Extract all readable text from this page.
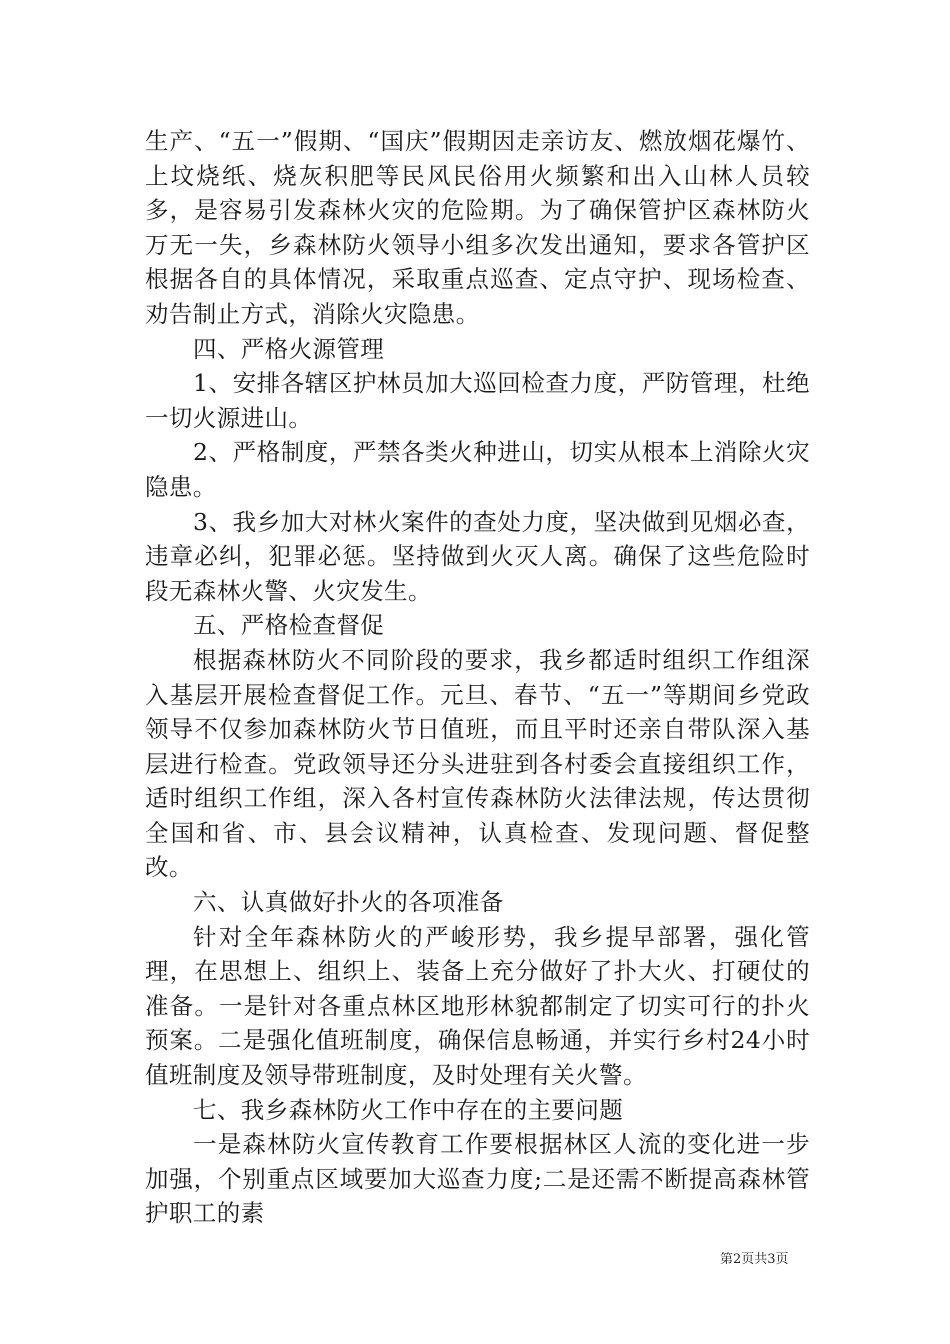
生产、“五一”假期、“国庆”假期因走亲访友、燃放烟花爆竹、上坟烧纸、烧灰积肥等民风民俗用火频繁和出入山林人员较多，是容易引发森林火灾的危险期。为了确保管护区森林防火万无一失，乡森林防火领导小组多次发出通知，要求各管护区根据各自的具体情况，采取重点巡查、定点守护、现场检查、劝告制止方式，消除火灾隐患。

四、严格火源管理

1、安排各辖区护林员加大巡回检查力度，严防管理，杜绝一切火源进山。

2、严格制度，严禁各类火种进山，切实从根本上消除火灾隐患。

3、我乡加大对林火案件的查处力度，坚决做到见烟必查，违章必纠，犯罪必惩。坚持做到火灭人离。确保了这些危险时段无森林火警、火灾发生。

五、严格检查督促

根据森林防火不同阶段的要求，我乡都适时组织工作组深入基层开展检查督促工作。元旦、春节、“五一”等期间乡党政领导不仅参加森林防火节日值班，而且平时还亲自带队深入基层进行检查。党政领导还分头进驻到各村委会直接组织工作，适时组织工作组，深入各村宣传森林防火法律法规，传达贯彻全国和省、市、县会议精神，认真检查、发现问题、督促整改。

六、认真做好扑火的各项准备

针对全年森林防火的严峻形势，我乡提早部署，强化管理，在思想上、组织上、装备上充分做好了扑大火、打硬仗的准备。一是针对各重点林区地形林貌都制定了切实可行的扑火预案。二是强化值班制度，确保信息畅通，并实行乡村24小时值班制度及领导带班制度，及时处理有关火警。

七、我乡森林防火工作中存在的主要问题

一是森林防火宣传教育工作要根据林区人流的变化进一步加强，个别重点区域要加大巡查力度;二是还需不断提高森林管护职工的素

第2页共3页
